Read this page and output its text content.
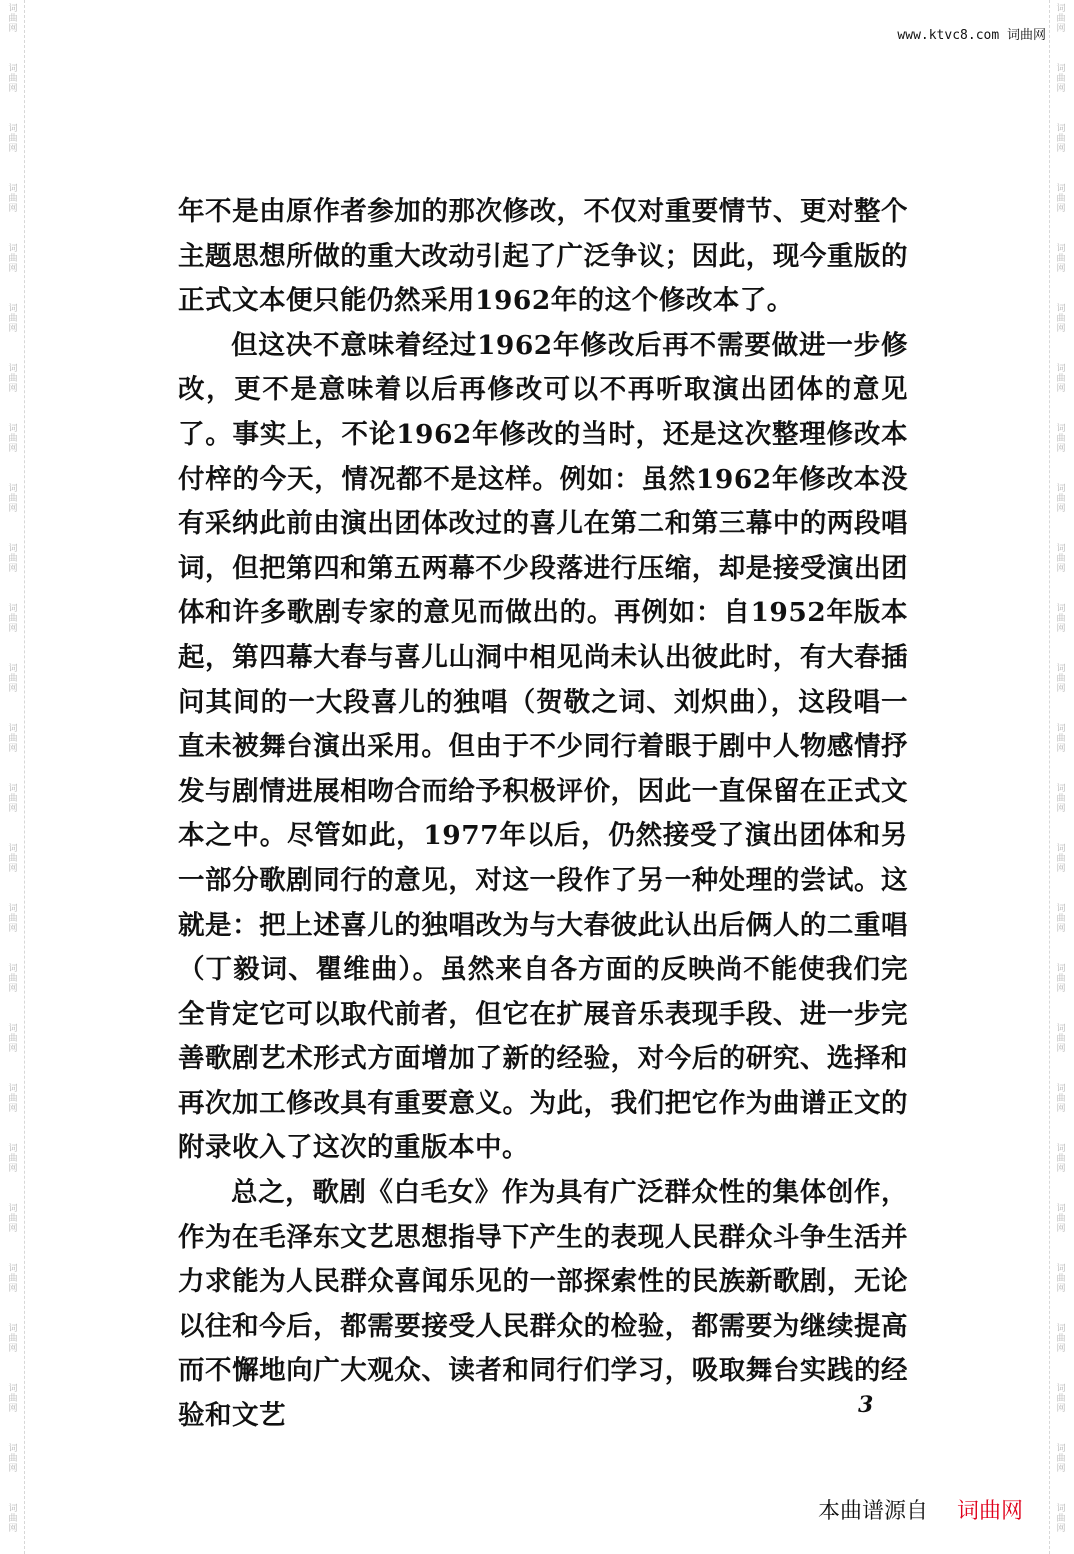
词
曲
网
词
曲
网
词
曲
网
词
曲
网
词
曲
网
词
曲
网
词
曲
网
词
曲
网
词
曲
网
词
曲
网
词
曲
网
词
曲
网
词
曲
网
词
曲
网
词
曲
网
词
曲
网
词
曲
网
词
曲
网
词
曲
网
词
曲
网
词
曲
网
词
曲
网
词
曲
网
词
曲
网
词
曲
网
词
曲
网
词
曲
网
词
曲
网
词
曲
网
词
曲
网
词
曲
网
词
曲
网
词
曲
网
词
曲
网
词
曲
网
词
曲
网
词
曲
网
词
曲
网
词
曲
网
词
曲
网
词
曲
网
词
曲
网
词
曲
网
词
曲
网
词
曲
网
词
曲
网
词
曲
网
词
曲
网
词
曲
网
词
曲
网
词
曲
网
词
曲
网
www.ktvc8.com 词曲网

年不是由原作者参加的那次修改，不仅对重要情节、更对整个主题思想所做的重大改动引起了广泛争议；因此，现今重版的正式文本便只能仍然采用1962年的这个修改本了。

但这决不意味着经过1962年修改后再不需要做进一步修改，更不是意味着以后再修改可以不再听取演出团体的意见了。事实上，不论1962年修改的当时，还是这次整理修改本付梓的今天，情况都不是这样。例如：虽然1962年修改本没有采纳此前由演出团体改过的喜儿在第二和第三幕中的两段唱词，但把第四和第五两幕不少段落进行压缩，却是接受演出团体和许多歌剧专家的意见而做出的。再例如：自1952年版本起，第四幕大春与喜儿山洞中相见尚未认出彼此时，有大春插问其间的一大段喜儿的独唱（贺敬之词、刘炽曲），这段唱一直未被舞台演出采用。但由于不少同行着眼于剧中人物感情抒发与剧情进展相吻合而给予积极评价，因此一直保留在正式文本之中。尽管如此，1977年以后，仍然接受了演出团体和另一部分歌剧同行的意见，对这一段作了另一种处理的尝试。这就是：把上述喜儿的独唱改为与大春彼此认出后俩人的二重唱（丁毅词、瞿维曲）。虽然来自各方面的反映尚不能使我们完全肯定它可以取代前者，但它在扩展音乐表现手段、进一步完善歌剧艺术形式方面增加了新的经验，对今后的研究、选择和再次加工修改具有重要意义。为此，我们把它作为曲谱正文的附录收入了这次的重版本中。

总之，歌剧《白毛女》作为具有广泛群众性的集体创作，作为在毛泽东文艺思想指导下产生的表现人民群众斗争生活并力求能为人民群众喜闻乐见的一部探索性的民族新歌剧，无论以往和今后，都需要接受人民群众的检验，都需要为继续提高而不懈地向广大观众、读者和同行们学习，吸取舞台实践的经验和文艺	3
本曲谱源自 词曲网
